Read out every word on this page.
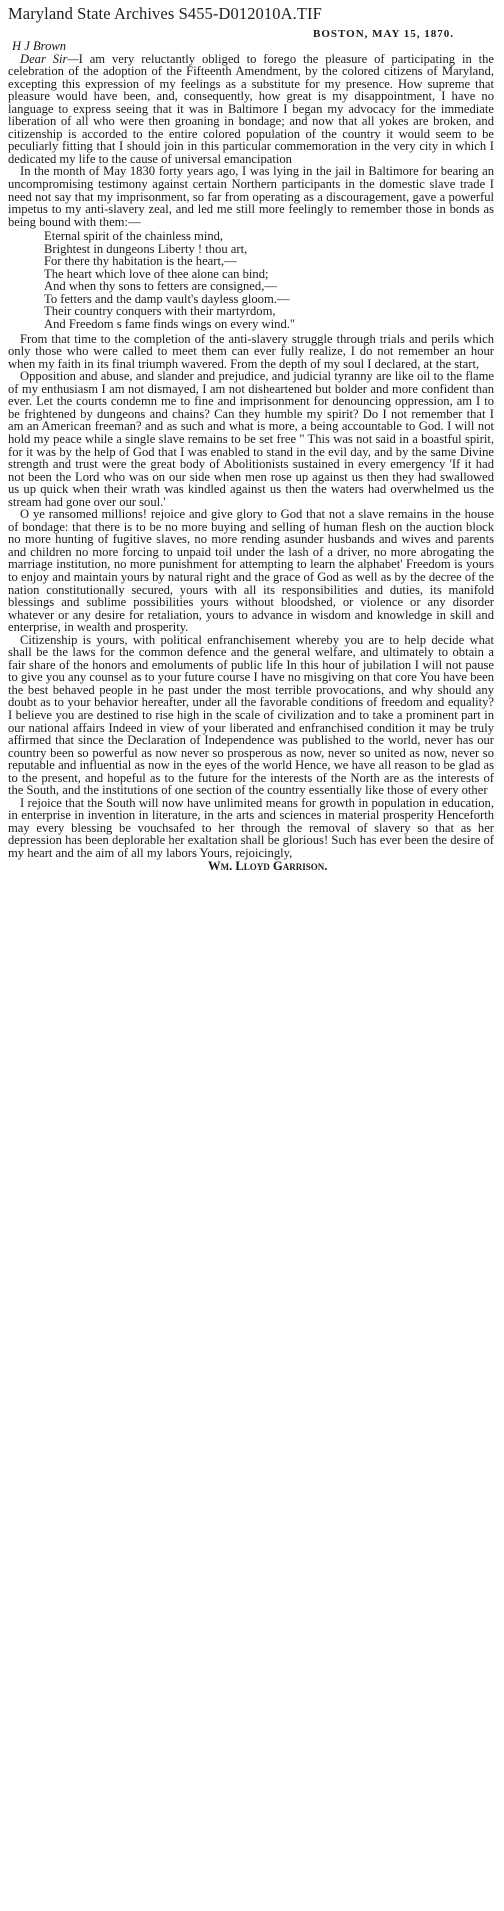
Maryland State Archives S455-D012010A.TIF
BOSTON, MAY 15, 1870.
H J Brown

Dear Sir—I am very reluctantly obliged to forego the pleasure of participating in the celebration of the adoption of the Fifteenth Amendment, by the colored citizens of Maryland, excepting this expression of my feelings as a substitute for my presence. How supreme that pleasure would have been, and, consequently, how great is my disappointment, I have no language to express seeing that it was in Baltimore I began my advocacy for the immediate liberation of all who were then groaning in bondage; and now that all yokes are broken, and citizenship is accorded to the entire colored population of the country it would seem to be peculiarly fitting that I should join in this particular commemoration in the very city in which I dedicated my life to the cause of universal emancipation

In the month of May 1830 forty years ago, I was lying in the jail in Baltimore for bearing an uncompromising testimony against certain Northern participants in the domestic slave trade I need not say that my imprisonment, so far from operating as a discouragement, gave a powerful impetus to my anti-slavery zeal, and led me still more feelingly to remember those in bonds as being bound with them:—

Eternal spirit of the chainless mind,
Brightest in dungeons Liberty ! thou art,
For there thy habitation is the heart,—
The heart which love of thee alone can bind;
And when thy sons to fetters are consigned,—
To fetters and the damp vault's dayless gloom.—
Their country conquers with their martyrdom,
And Freedom s fame finds wings on every wind."

From that time to the completion of the anti-slavery struggle through trials and perils which only those who were called to meet them can ever fully realize, I do not remember an hour when my faith in its final triumph wavered. From the depth of my soul I declared, at the start,

Opposition and abuse, and slander and prejudice, and judicial tyranny are like oil to the flame of my enthusiasm I am not dismayed, I am not disheartened but bolder and more confident than ever. Let the courts condemn me to fine and imprisonment for denouncing oppression, am I to be frightened by dungeons and chains? Can they humble my spirit? Do I not remember that I am an American freeman? and as such and what is more, a being accountable to God. I will not hold my peace while a single slave remains to be set free " This was not said in a boastful spirit, for it was by the help of God that I was enabled to stand in the evil day, and by the same Divine strength and trust were the great body of Abolitionists sustained in every emergency 'If it had not been the Lord who was on our side when men rose up against us then they had swallowed us up quick when their wrath was kindled against us then the waters had overwhelmed us the stream had gone over our soul.'

O ye ransomed millions! rejoice and give glory to God that not a slave remains in the house of bondage: that there is to be no more buying and selling of human flesh on the auction block no more hunting of fugitive slaves, no more rending asunder husbands and wives and parents and children no more forcing to unpaid toil under the lash of a driver, no more abrogating the marriage institution, no more punishment for attempting to learn the alphabet' Freedom is yours to enjoy and maintain yours by natural right and the grace of God as well as by the decree of the nation constitutionally secured, yours with all its responsibilities and duties, its manifold blessings and sublime possibilities yours without bloodshed, or violence or any disorder whatever or any desire for retaliation, yours to advance in wisdom and knowledge in skill and enterprise, in wealth and prosperity.

Citizenship is yours, with political enfranchisement whereby you are to help decide what shall be the laws for the common defence and the general welfare, and ultimately to obtain a fair share of the honors and emoluments of public life In this hour of jubilation I will not pause to give you any counsel as to your future course I have no misgiving on that core You have been the best behaved people in he past under the most terrible provocations, and why should any doubt as to your behavior hereafter, under all the favorable conditions of freedom and equality? I believe you are destined to rise high in the scale of civilization and to take a prominent part in our national affairs Indeed in view of your liberated and enfranchised condition it may be truly affirmed that since the Declaration of Independence was published to the world, never has our country been so powerful as now never so prosperous as now, never so united as now, never so reputable and influential as now in the eyes of the world Hence, we have all reason to be glad as to the present, and hopeful as to the future for the interests of the North are as the interests of the South, and the institutions of one section of the country essentially like those of every other

I rejoice that the South will now have unlimited means for growth in population in education, in enterprise in invention in literature, in the arts and sciences in material prosperity Henceforth may every blessing be vouchsafed to her through the removal of slavery so that as her depression has been deplorable her exaltation shall be glorious! Such has ever been the desire of my heart and the aim of all my labors Yours, rejoicingly,

Wm. Lloyd Garrison.
